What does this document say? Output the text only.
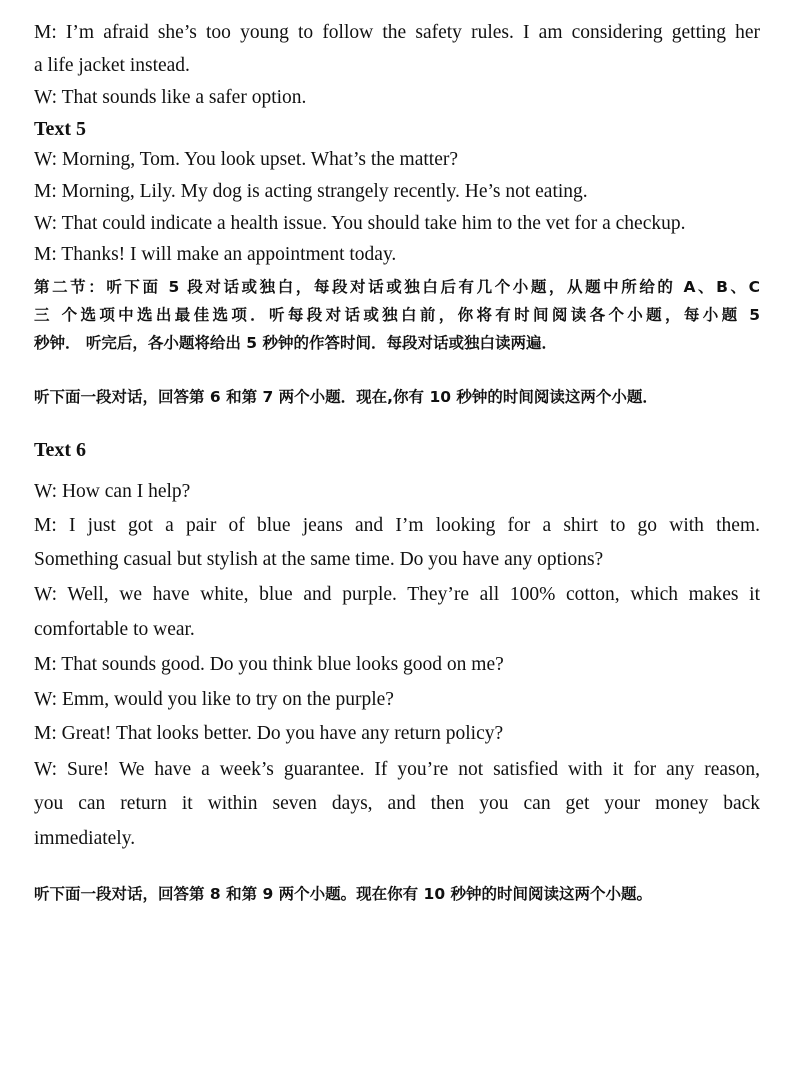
M: I’m afraid she’s too young to follow the safety rules. I am considering getting her
a life jacket instead.
W: That sounds like a safer option.
Text 5
W: Morning, Tom. You look upset. What’s the matter?
M: Morning, Lily. My dog is acting strangely recently. He’s not eating.
W: That could indicate a health issue. You should take him to the vet for a checkup.
M: Thanks! I will make an appointment today.
第二节：听下面 5 段对话或独白，每段对话或独白后有几个小题，从题中所给的 A、B、C
三 个选项中选出最佳选项．听每段对话或独白前，你将有时间阅读各个小题，每小题 5
秒钟． 听完后，各小题将给出 5 秒钟的作答时间．每段对话或独白读两遍．
听下面一段对话，回答第 6 和第 7 两个小题．现在,你有 10 秒钟的时间阅读这两个小题．
Text 6
W: How can I help?
M: I just got a pair of blue jeans and I’m looking for a shirt to go with them.
Something casual but stylish at the same time. Do you have any options?
W: Well, we have white, blue and purple. They’re all 100% cotton, which makes it
comfortable to wear.
M: That sounds good. Do you think blue looks good on me?
W: Emm, would you like to try on the purple?
M: Great! That looks better. Do you have any return policy?
W: Sure! We have a week’s guarantee. If you’re not satisfied with it for any reason,
you can return it within seven days, and then you can get your money back
immediately.
听下面一段对话，回答第 8 和第 9 两个小题。现在你有 10 秒钟的时间阅读这两个小题。
